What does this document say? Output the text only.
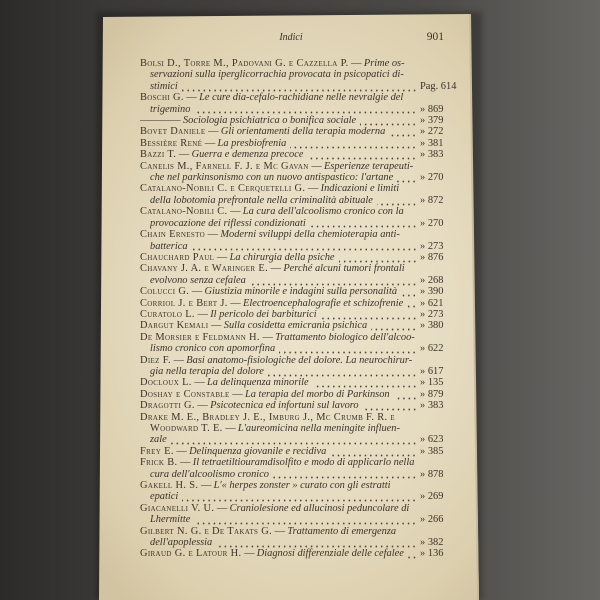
Indici	901
Bolsi D., Torre M., Padovani G. e Cazzella P. — Prime os-
servazioni sulla iperglicorrachia provocata in psicopatici di-
stimici	Pag. 614
Boschi G. — Le cure dia-cefalo-rachidiane nelle nevralgie del
trigemino	» 869
———— Sociologia psichiatrica o bonifica sociale	» 379
Bovet Daniele — Gli orientamenti della terapia moderna	» 272
Bessière René — La presbiofrenia	» 381
Bazzi T. — Guerra e demenza precoce	» 383
Canelis M., Farnell F. J. e Mc Gavan — Esperienze terapeuti-
che nel parkinsonismo con un nuovo antispastico: l'artane	» 270
Catalano-Nobili C. e Cerquetelli G. — Indicazioni e limiti
della lobotomia prefrontale nella criminalità abituale	» 872
Catalano-Nobili C. — La cura dell'alcoolismo cronico con la
provocazione dei riflessi condizionati	» 270
Chain Ernesto — Moderni sviluppi della chemioterapia anti-
batterica	» 273
Chauchard Paul — La chirurgia della psiche	» 876
Chavany J. A. e Waringer E. — Perché alcuni tumori frontali
evolvono senza cefalea	» 268
Colucci G. — Giustizia minorile e indagini sulla personalità » 390
Corriol J. e Bert J. — Electroencephalografie et schizofrenie » 621
Curatolo L. — Il pericolo dei barbiturici	» 273
Dargut Kemali — Sulla cosidetta emicrania psichica	» 380
De Morsier e Feldmann H. — Trattamento biologico dell'alcoo-
lismo cronico con apomorfina	» 622
Diez F. — Basi anatomo-fisiologiche del dolore. La neurochirur-
gia nella terapia del dolore	» 617
Docloux L. — La delinquenza minorile	» 135
Doshay e Constable — La terapia del morbo di Parkinson	» 879
Dragotti G. — Psicotecnica ed infortuni sul lavoro	» 383
Drake M. E., Bradley J. E., Imburg J., Mc Crumb F. R. e
Woodward T. E. — L'aureomicina nella meningite influen-
zale	» 623
Frey E. — Delinquenza giovanile e recidiva	» 385
Frick B. — Il tetraetiltiouramdisolfito e modo di applicarlo nella
cura dell'alcoolismo cronico	» 878
Gakell H. S. — L'« herpes zonster » curato con gli estratti
epatici	» 269
Giacanelli V. U. — Craniolesione ed allucinosi peduncolare di
Lhermitte	» 266
Gilbert N. G. e De Takats G. — Trattamento di emergenza
dell'apoplessia	» 382
Giraud G. e Latour H. — Diagnosi differenziale delle cefalee » 136
